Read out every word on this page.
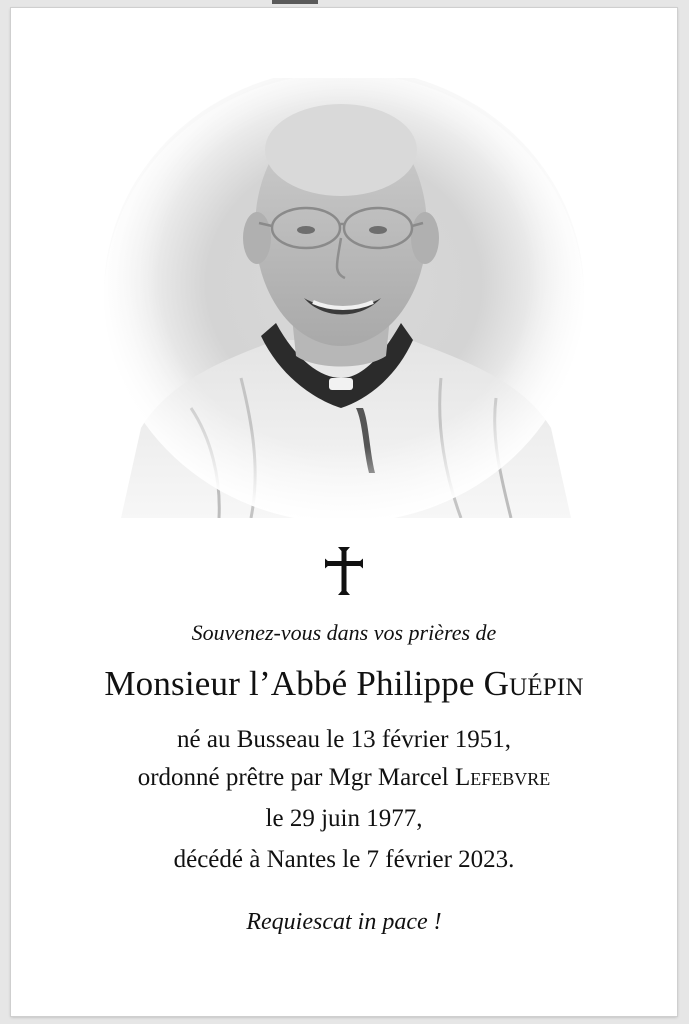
Souvenez-vous dans vos prières de
Monsieur l’Abbé Philippe Guépin
né au Busseau le 13 février 1951,
ordonné prêtre par Mgr Marcel Lefebvre
le 29 juin 1977,
décédé à Nantes le 7 février 2023.
Requiescat in pace !
